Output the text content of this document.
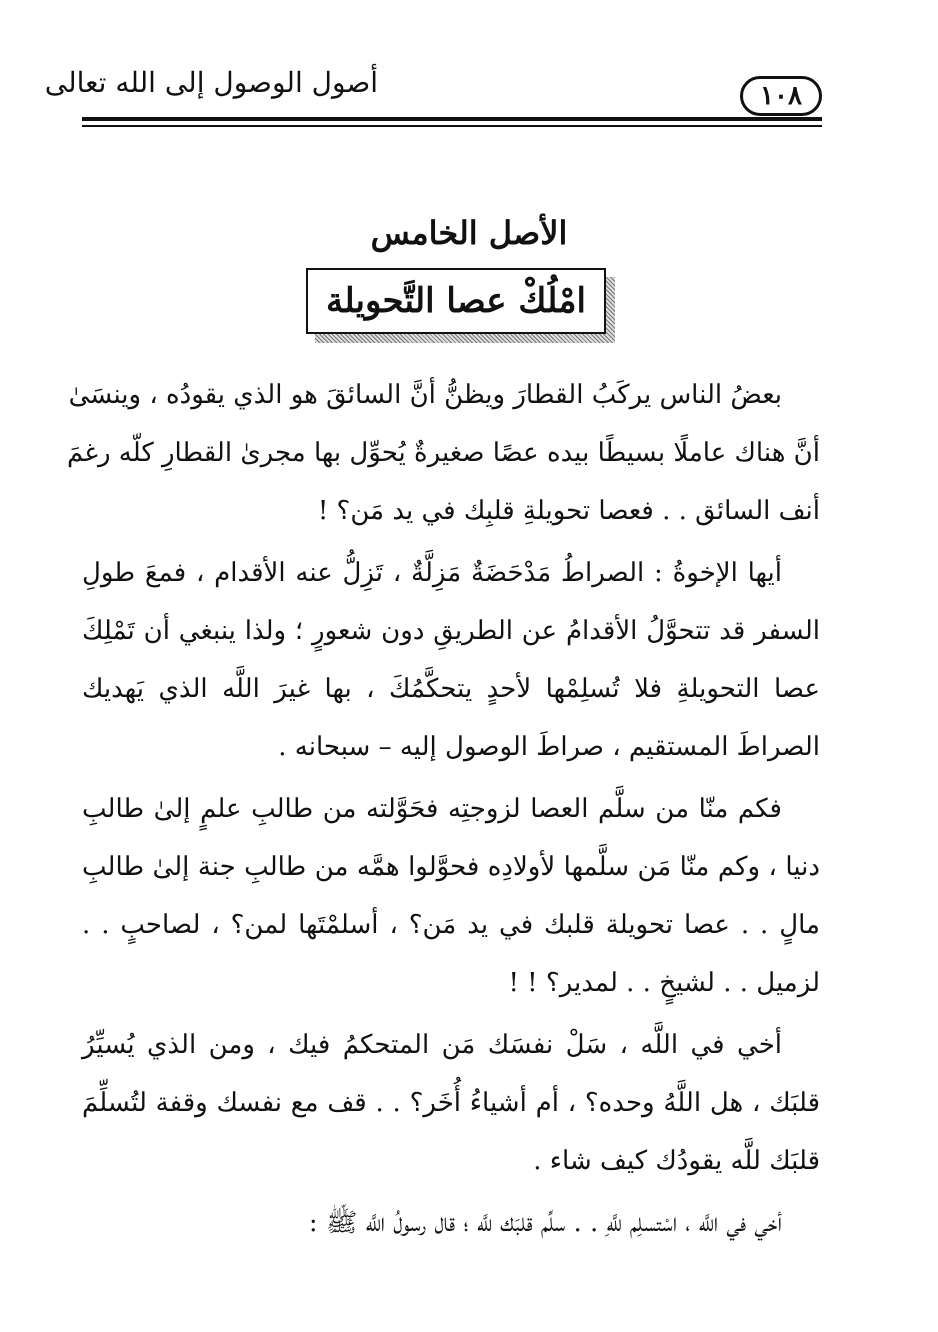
أصول الوصول إلى الله تعالى	١٠٨
الأصل الخامس
امْلُكْ عصا التَّحويلة
بعضُ الناس يركَبُ القطارَ ويظنُّ أنَّ السائقَ هو الذي يقودُه ، وينسَىٰ
أنَّ هناك عاملًا بسيطًا بيده عصًا صغيرةٌ يُحوِّل بها مجرىٰ القطارِ كلّه رغمَ
أنف السائق . . فعصا تحويلةِ قلبِك في يد مَن؟ !
أيها الإخوةُ : الصراطُ مَدْحَضَةٌ مَزِلَّةٌ ، تَزِلُّ عنه الأقدام ، فمعَ طولِ
السفر قد تتحوَّلُ الأقدامُ عن الطريقِ دون شعورٍ ؛ ولذا ينبغي أن تَمْلِكَ
عصا التحويلةِ فلا تُسلِمْها لأحدٍ يتحكَّمُكَ ، بها غيرَ اللَّه الذي يَهديك
الصراطَ المستقيم ، صراطَ الوصول إليه – سبحانه .
فكم منّا من سلَّم العصا لزوجتِه فحَوَّلته من طالبِ علمٍ إلىٰ طالبِ
دنيا ، وكم منّا مَن سلَّمها لأولادِه فحوَّلوا همَّه من طالبِ جنة إلىٰ طالبِ
مالٍ . . عصا تحويلة قلبك في يد مَن؟ ، أسلمْتَها لمن؟ ، لصاحبٍ . .
لزميل . . لشيخٍ . . لمدير؟ ! !
أخي في اللَّه ، سَلْ نفسَك مَن المتحكمُ فيك ، ومن الذي يُسيِّرُ
قلبَك ، هل اللَّهُ وحده؟ ، أم أشياءُ أُخَر؟ . . قف مع نفسك وقفة لتُسلِّمَ
قلبَك للَّه يقودُك كيف شاء .
أخي في اللَّه ، اسْتسلِم للَّهِ . . سلِّم قلبَك للَّه ؛ قال رسولُ اللَّه ﷺ :
